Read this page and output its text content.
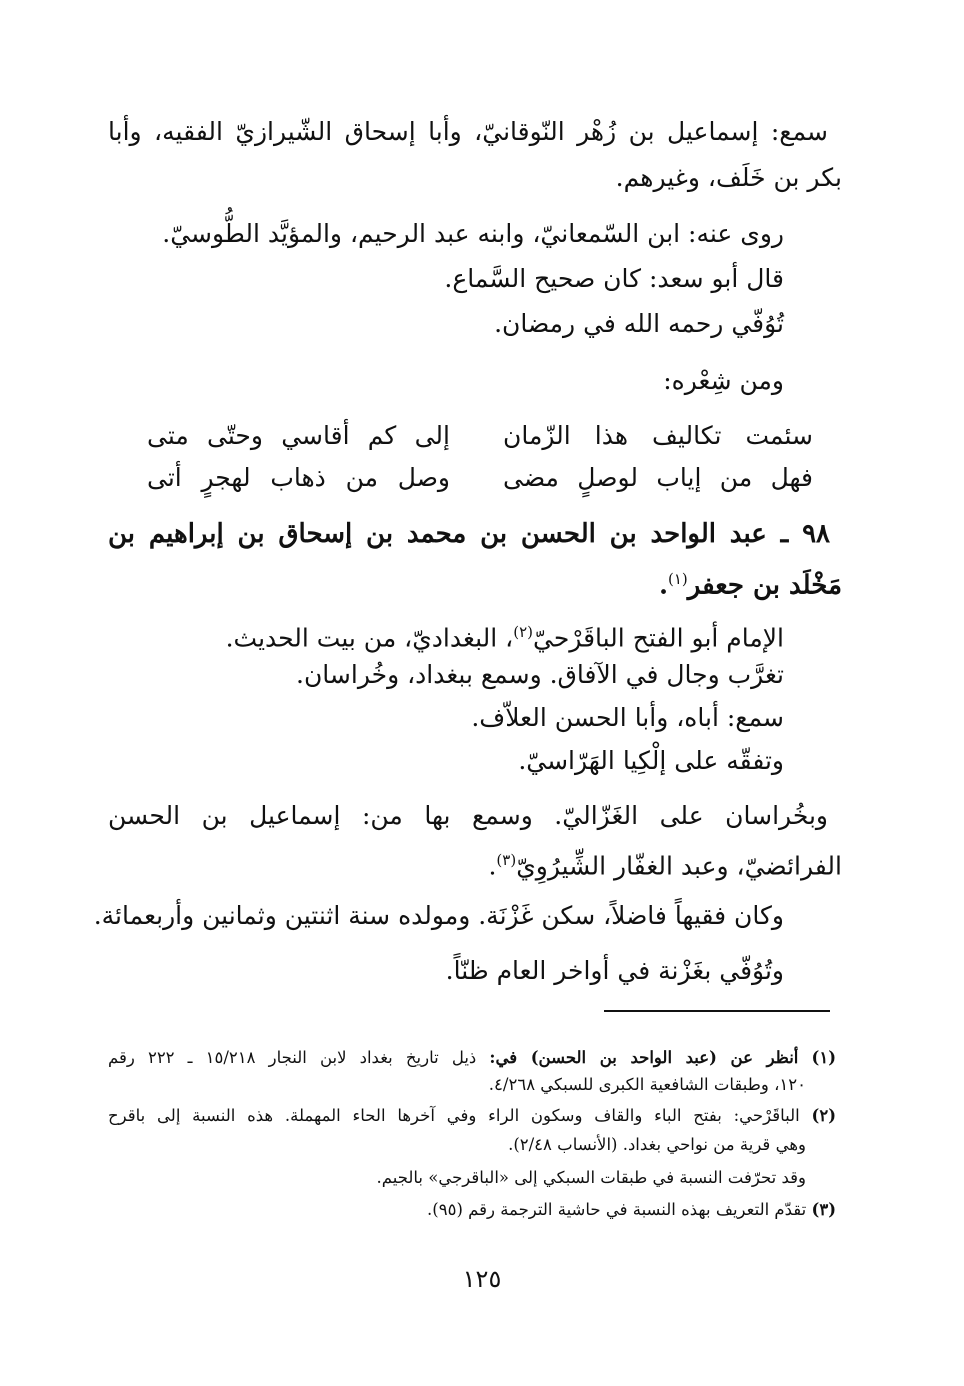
سمع: إسماعيل بن زُهْر النّوقانيّ، وأبا إسحاق الشّيرازيّ الفقيه، وأبا

بكر بن خَلَف، وغيرهم.

روى عنه: ابن السّمعانيّ، وابنه عبد الرحيم، والمؤيَّد الطُّوسيّ.

قال أبو سعد: كان صحيح السَّماع.

تُوُفّي رحمه الله في رمضان.

ومن شِعْره:

سئمت تكاليف هذا الزّمان
إلى كم أقاسي وحتّى متى
فهل من إياب لوصلٍ مضى
وصل من ذهاب لهجرٍ أتى

٩٨ ـ عبد الواحد بن الحسن بن محمد بن إسحاق بن إبراهيم بن

مَخْلَد بن جعفر$^{(١)}$.

الإمام أبو الفتح الباقَرْحيّ$^{(٢)}$، البغداديّ، من بيت الحديث.

تغرَّب وجال في الآفاق. وسمع ببغداد، وخُراسان.

سمع: أباه، وأبا الحسن العلاّف.

وتفقّه على إلْكِيا الهَرّاسيّ.

وبخُراسان على الغَزّاليّ. وسمع بها من: إسماعيل بن الحسن

الفرائضيّ، وعبد الغفّار الشِّيرُوِيّ$^{(٣)}$.

وكان فقيهاً فاضلاً، سكن غَزْنَة. ومولده سنة اثنتين وثمانين وأربعمائة.

وتُوُفّي بغَزْنة في أواخر العام ظنّاً.

(١) أنظر عن (عبد الواحد بن الحسن) في: ذيل تاريخ بغداد لابن النجار ١٥/٢١٨ ـ ٢٢٢ رقم

١٢٠، وطبقات الشافعية الكبرى للسبكي ٤/٢٦٨.

(٢) الباقَرْحي: بفتح الباء والقاف وسكون الراء وفي آخرها الحاء المهملة. هذه النسبة إلى باقرح

وهي قرية من نواحي بغداد. (الأنساب ٢/٤٨).

وقد تحرّفت النسبة في طبقات السبكي إلى «الباقرجي» بالجيم.

(٣) تقدّم التعريف بهذه النسبة في حاشية الترجمة رقم (٩٥).

١٢٥
